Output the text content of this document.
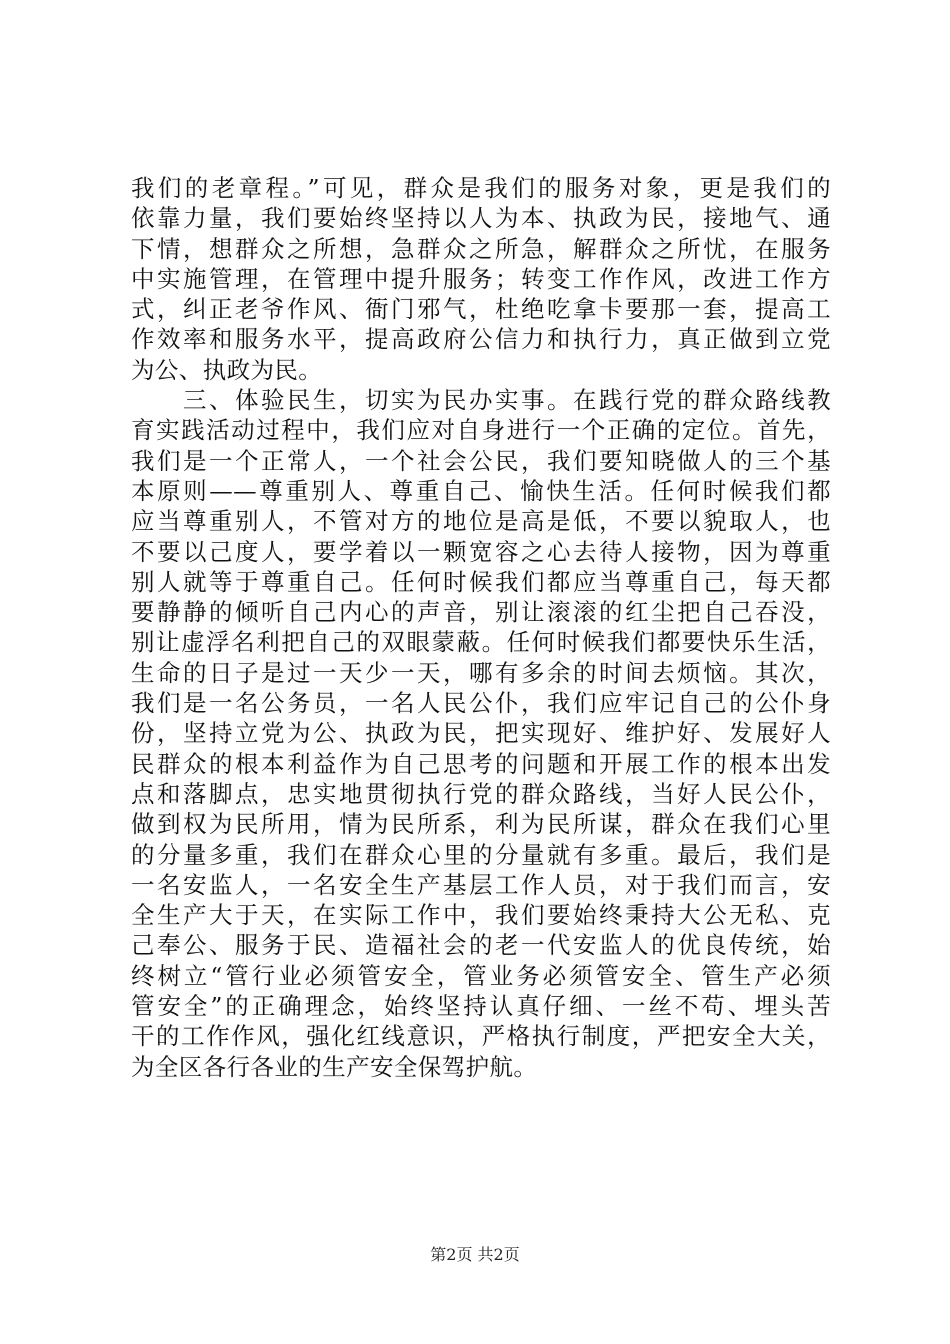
我们的老章程。”可见，群众是我们的服务对象，更是我们的
依靠力量，我们要始终坚持以人为本、执政为民，接地气、通
下情，想群众之所想，急群众之所急，解群众之所忧，在服务
中实施管理，在管理中提升服务；转变工作作风，改进工作方
式，纠正老爷作风、衙门邪气，杜绝吃拿卡要那一套，提高工
作效率和服务水平，提高政府公信力和执行力，真正做到立党
为公、执政为民。
　　三、体验民生，切实为民办实事。在践行党的群众路线教
育实践活动过程中，我们应对自身进行一个正确的定位。首先，
我们是一个正常人，一个社会公民，我们要知晓做人的三个基
本原则——尊重别人、尊重自己、愉快生活。任何时候我们都
应当尊重别人，不管对方的地位是高是低，不要以貌取人，也
不要以己度人，要学着以一颗宽容之心去待人接物，因为尊重
别人就等于尊重自己。任何时候我们都应当尊重自己，每天都
要静静的倾听自己内心的声音，别让滚滚的红尘把自己吞没，
别让虚浮名利把自己的双眼蒙蔽。任何时候我们都要快乐生活，
生命的日子是过一天少一天，哪有多余的时间去烦恼。其次，
我们是一名公务员，一名人民公仆，我们应牢记自己的公仆身
份，坚持立党为公、执政为民，把实现好、维护好、发展好人
民群众的根本利益作为自己思考的问题和开展工作的根本出发
点和落脚点，忠实地贯彻执行党的群众路线，当好人民公仆，
做到权为民所用，情为民所系，利为民所谋，群众在我们心里
的分量多重，我们在群众心里的分量就有多重。最后，我们是
一名安监人，一名安全生产基层工作人员，对于我们而言，安
全生产大于天，在实际工作中，我们要始终秉持大公无私、克
己奉公、服务于民、造福社会的老一代安监人的优良传统，始
终树立“管行业必须管安全，管业务必须管安全、管生产必须
管安全”的正确理念，始终坚持认真仔细、一丝不苟、埋头苦
干的工作作风，强化红线意识，严格执行制度，严把安全大关，
为全区各行各业的生产安全保驾护航。
第2页 共2页
